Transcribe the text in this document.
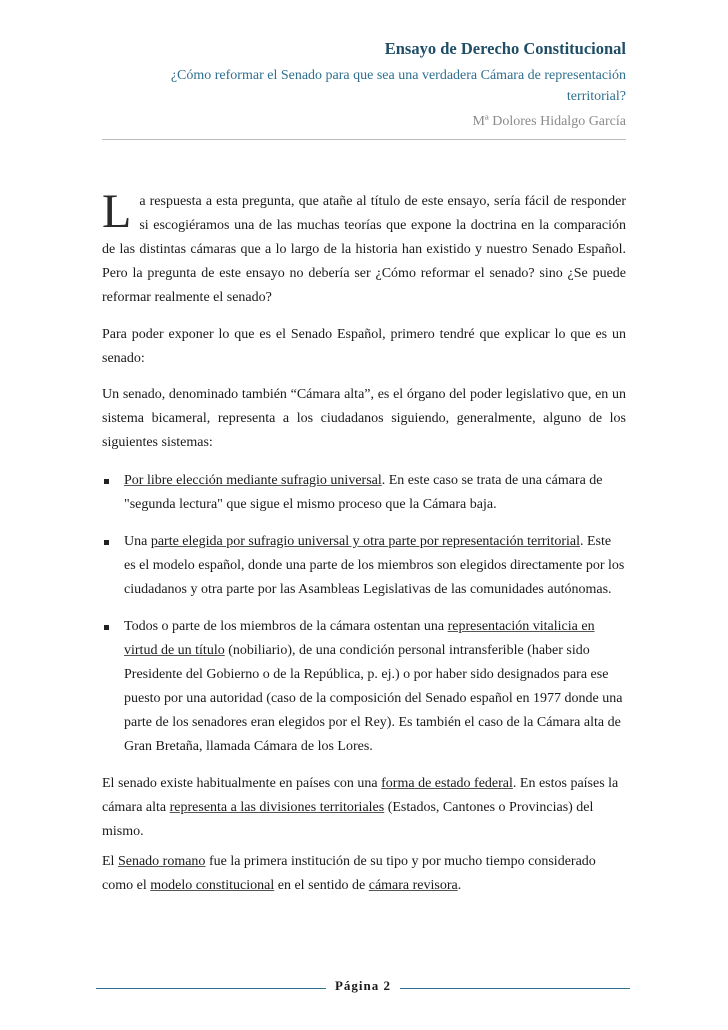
Ensayo de Derecho Constitucional
¿Cómo reformar el Senado para que sea una verdadera Cámara de representación territorial?
Mª Dolores Hidalgo García

L a respuesta a esta pregunta, que atañe al título de este ensayo, sería fácil de responder si escogiéramos una de las muchas teorías que expone la doctrina en la comparación de las distintas cámaras que a lo largo de la historia han existido y nuestro Senado Español. Pero la pregunta de este ensayo no debería ser ¿Cómo reformar el senado? sino ¿Se puede reformar realmente el senado?

Para poder exponer lo que es el Senado Español, primero tendré que explicar lo que es un senado:

Un senado, denominado también “Cámara alta”, es el órgano del poder legislativo que, en un sistema bicameral, representa a los ciudadanos siguiendo, generalmente, alguno de los siguientes sistemas:

Por libre elección mediante sufragio universal. En este caso se trata de una cámara de "segunda lectura" que sigue el mismo proceso que la Cámara baja.
Una parte elegida por sufragio universal y otra parte por representación territorial. Este es el modelo español, donde una parte de los miembros son elegidos directamente por los ciudadanos y otra parte por las Asambleas Legislativas de las comunidades autónomas.
Todos o parte de los miembros de la cámara ostentan una representación vitalicia en virtud de un título (nobiliario), de una condición personal intransferible (haber sido Presidente del Gobierno o de la República, p. ej.) o por haber sido designados para ese puesto por una autoridad (caso de la composición del Senado español en 1977 donde una parte de los senadores eran elegidos por el Rey). Es también el caso de la Cámara alta de Gran Bretaña, llamada Cámara de los Lores.

El senado existe habitualmente en países con una forma de estado federal. En estos países la cámara alta representa a las divisiones territoriales (Estados, Cantones o Provincias) del mismo.

El Senado romano fue la primera institución de su tipo y por mucho tiempo considerado como el modelo constitucional en el sentido de cámara revisora.

Página 2
